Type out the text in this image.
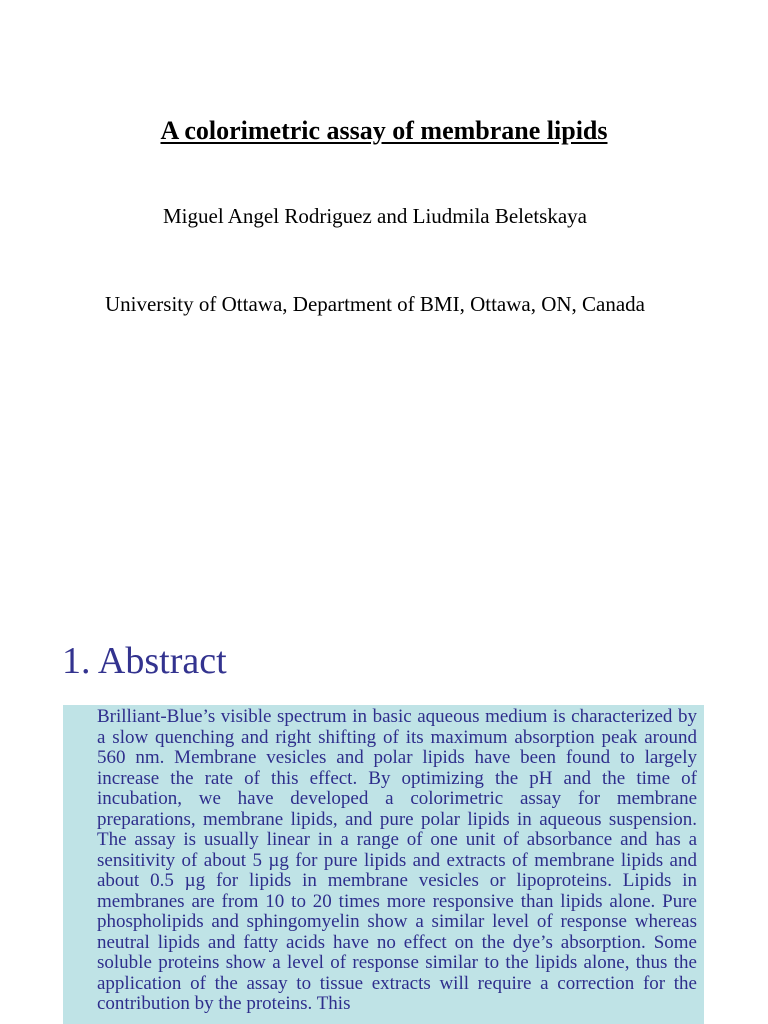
A colorimetric assay of membrane lipids
Miguel Angel Rodriguez and Liudmila Beletskaya
University of Ottawa, Department of BMI, Ottawa, ON, Canada
1. Abstract

Brilliant-Blue’s visible spectrum in basic aqueous medium is characterized by a slow quenching and right shifting of its maximum absorption peak around 560 nm. Membrane vesicles and polar lipids have been found to largely increase the rate of this effect. By optimizing the pH and the time of incubation, we have developed a colorimetric assay for membrane preparations, membrane lipids, and pure polar lipids in aqueous suspension. The assay is usually linear in a range of one unit of absorbance and has a sensitivity of about 5 µg for pure lipids and extracts of membrane lipids and about 0.5 µg for lipids in membrane vesicles or lipoproteins. Lipids in membranes are from 10 to 20 times more responsive than lipids alone. Pure phospholipids and sphingomyelin show a similar level of response whereas neutral lipids and fatty acids have no effect on the dye’s absorption. Some soluble proteins show a level of response similar to the lipids alone, thus the application of the assay to tissue extracts will require a correction for the contribution by the proteins. This
